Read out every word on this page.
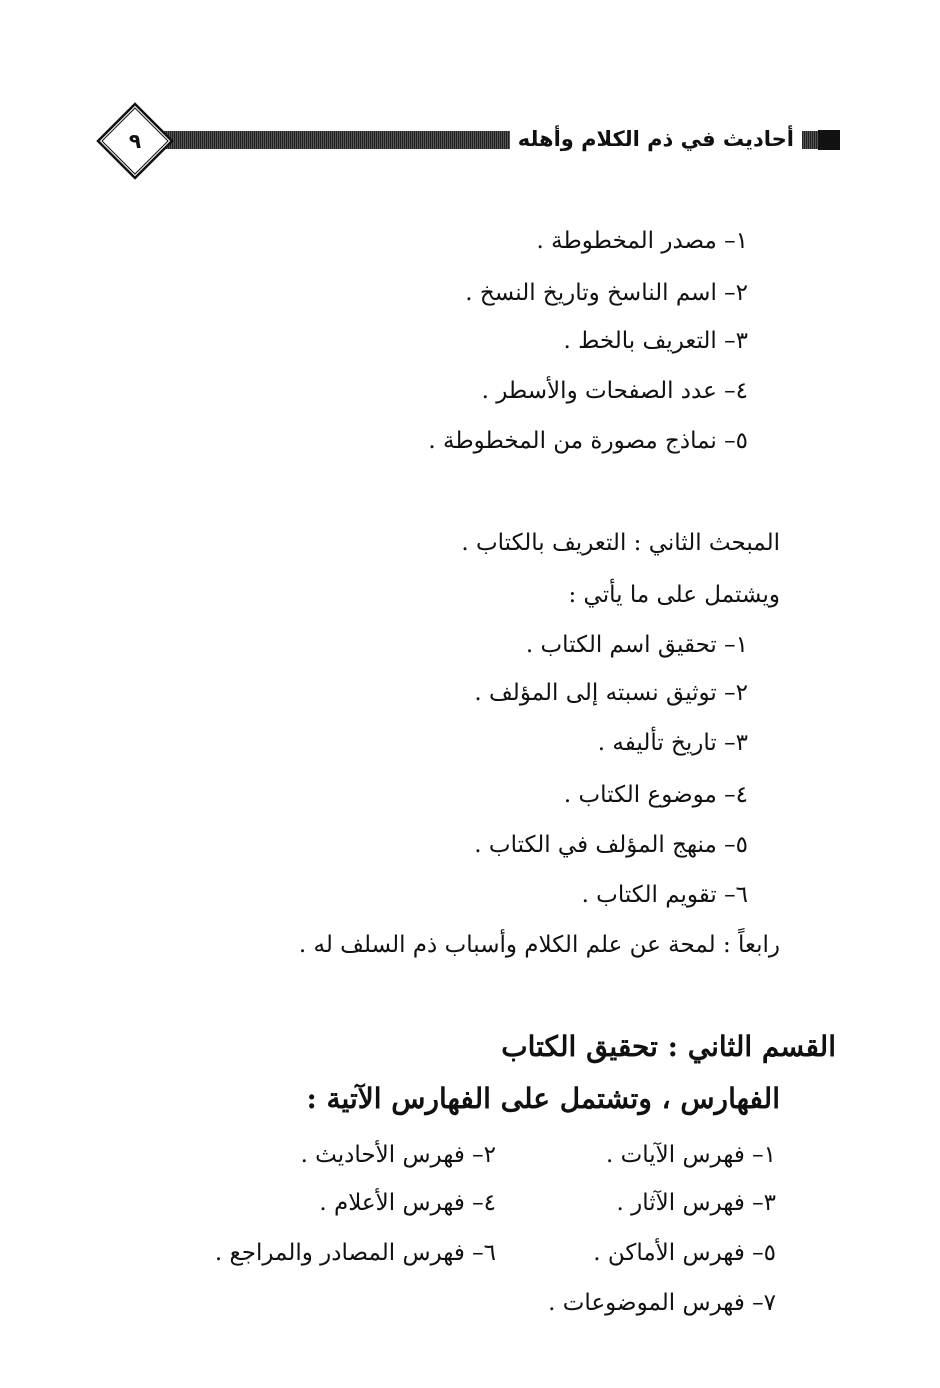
أحاديث في ذم الكلام وأهله
٩
١– مصدر المخطوطة .
٢– اسم الناسخ وتاريخ النسخ .
٣– التعريف بالخط .
٤– عدد الصفحات والأسطر .
٥– نماذج مصورة من المخطوطة .
المبحث الثاني : التعريف بالكتاب .
ويشتمل على ما يأتي :
١– تحقيق اسم الكتاب .
٢– توثيق نسبته إلى المؤلف .
٣– تاريخ تأليفه .
٤– موضوع الكتاب .
٥– منهج المؤلف في الكتاب .
٦– تقويم الكتاب .
رابعاً : لمحة عن علم الكلام وأسباب ذم السلف له .
القسم الثاني : تحقيق الكتاب
الفهارس ، وتشتمل على الفهارس الآتية :
١– فهرس الآيات .
٢– فهرس الأحاديث .
٣– فهرس الآثار .
٤– فهرس الأعلام .
٥– فهرس الأماكن .
٦– فهرس المصادر والمراجع .
٧– فهرس الموضوعات .
